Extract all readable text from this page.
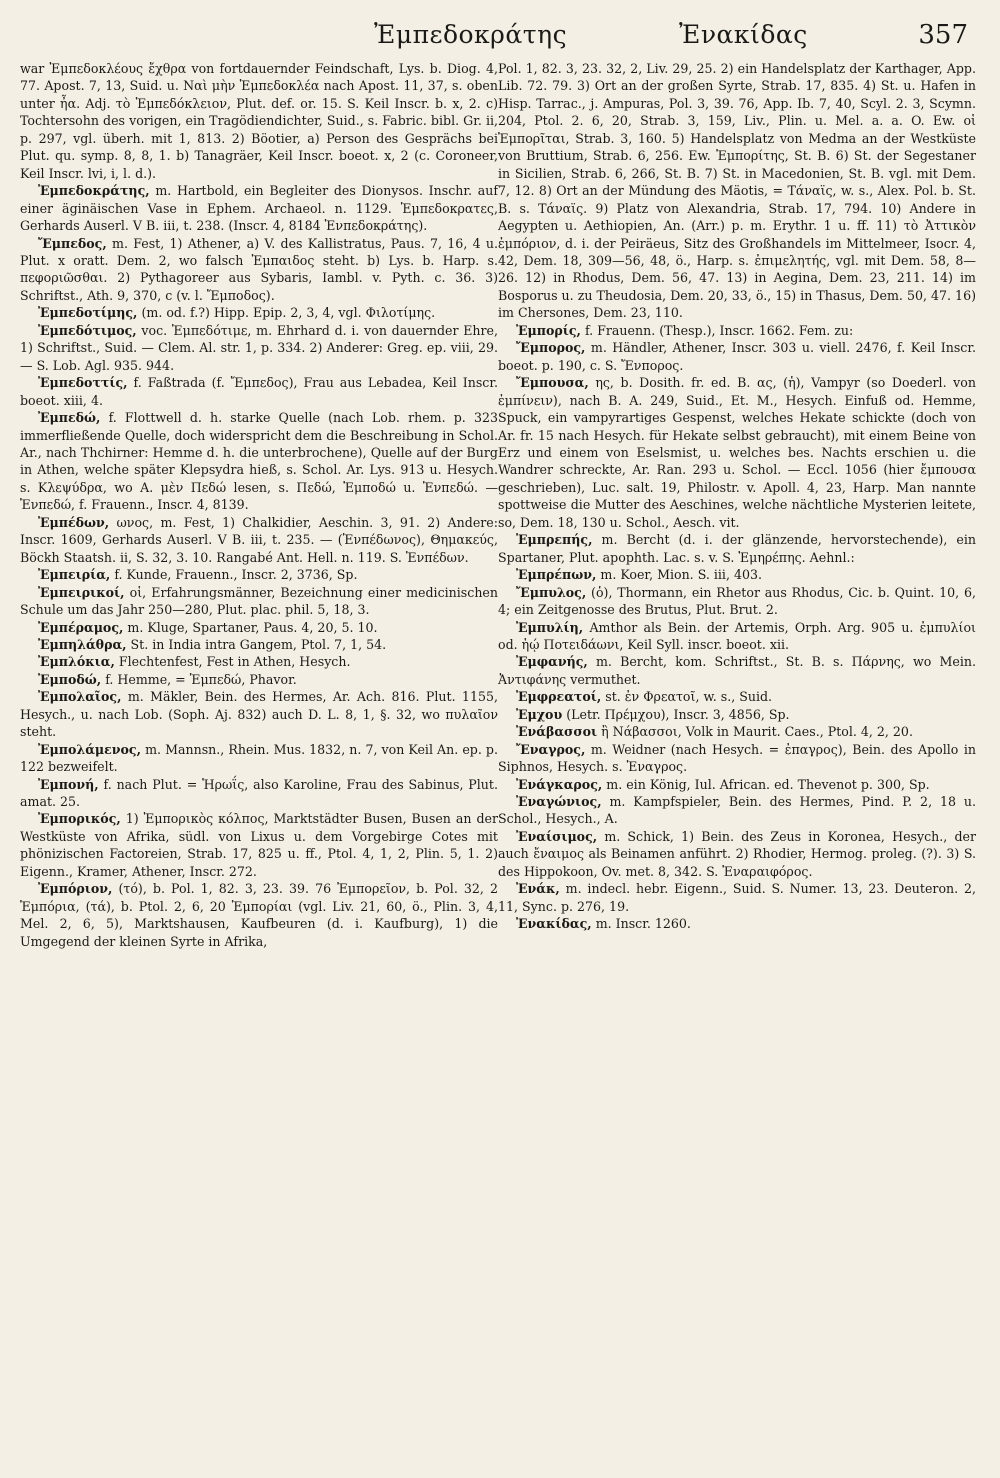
Ἐμπεδοκράτης	Ἐνακίδας	357

war Ἐμπεδοκλέους ἔχθρα von fortdauernder Feindschaft, Lys. b. Diog. 4, 77. Apost. 7, 13, Suid. u. Ναὶ μὴν Ἐμπεδοκλέα nach Apost. 11, 37, s. oben unter ἦα. Adj. τὸ Ἐμπεδόκλειον, Plut. def. or. 15. S. Keil Inscr. b. x, 2. c) Tochtersohn des vorigen, ein Tragödiendichter, Suid., s. Fabric. bibl. Gr. ii, p. 297, vgl. überh. mit 1, 813. 2) Böotier, a) Person des Gesprächs bei Plut. qu. symp. 8, 8, 1. b) Tanagräer, Keil Inscr. boeot. x, 2 (c. Coroneer, Keil Inscr. lvi, i, l. d.).

Ἐμπεδοκράτης, m. Hartbold, ein Begleiter des Dionysos. Inschr. auf einer äginäischen Vase in Ephem. Archaeol. n. 1129. Ἐμπεδοκρατες, Gerhards Auserl. V B. iii, t. 238. (Inscr. 4, 8184 Ἐνπεδοκράτης).

Ἔμπεδος, m. Fest, 1) Athener, a) V. des Kallistratus, Paus. 7, 16, 4 u. Plut. x oratt. Dem. 2, wo falsch Ἐμπαιδος steht. b) Lys. b. Harp. s. πεφοριῶσθαι. 2) Pythagoreer aus Sybaris, Iambl. v. Pyth. c. 36. 3) Schriftst., Ath. 9, 370, c (v. l. Ἔμποδος).

Ἐμπεδοτίμης, (m. od. f.?) Hipp. Epip. 2, 3, 4, vgl. Φιλοτίμης.

Ἐμπεδότιμος, voc. Ἐμπεδότιμε, m. Ehrhard d. i. von dauernder Ehre, 1) Schriftst., Suid. — Clem. Al. str. 1, p. 334. 2) Anderer: Greg. ep. viii, 29. — S. Lob. Agl. 935. 944.

Ἐμπεδοττίς, f. Faßtrada (f. Ἔμπεδος), Frau aus Lebadea, Keil Inscr. boeot. xiii, 4.

Ἐμπεδώ, f. Flottwell d. h. starke Quelle (nach Lob. rhem. p. 323 immerfließende Quelle, doch widerspricht dem die Beschreibung in Schol. Ar., nach Thchirner: Hemme d. h. die unterbrochene), Quelle auf der Burg in Athen, welche später Klepsydra hieß, s. Schol. Ar. Lys. 913 u. Hesych. s. Κλεψύδρα, wo A. μὲν Πεδώ lesen, s. Πεδώ, Ἐμποδώ u. Ἐνπεδώ. — Ἐνπεδώ, f. Frauenn., Inscr. 4, 8139.

Ἐμπέδων, ωνος, m. Fest, 1) Chalkidier, Aeschin. 3, 91. 2) Andere: Inscr. 1609, Gerhards Auserl. V B. iii, t. 235. — (Ἐνπέδωνος), Θημακεύς, Böckh Staatsh. ii, S. 32, 3. 10. Rangabé Ant. Hell. n. 119. S. Ἐνπέδων.

Ἐμπειρία, f. Kunde, Frauenn., Inscr. 2, 3736, Sp.

Ἐμπειρικοί, οἱ, Erfahrungsmänner, Bezeichnung einer medicinischen Schule um das Jahr 250—280, Plut. plac. phil. 5, 18, 3.

Ἐμπέραμος, m. Kluge, Spartaner, Paus. 4, 20, 5. 10.

Ἐμπηλάθρα, St. in India intra Gangem, Ptol. 7, 1, 54.

Ἐμπλόκια, Flechtenfest, Fest in Athen, Hesych.

Ἐμποδώ, f. Hemme, = Ἐμπεδώ, Phavor.

Ἐμπολαῖος, m. Mäkler, Bein. des Hermes, Ar. Ach. 816. Plut. 1155, Hesych., u. nach Lob. (Soph. Aj. 832) auch D. L. 8, 1, §. 32, wo πυλαῖον steht.

Ἐμπολάμενος, m. Mannsn., Rhein. Mus. 1832, n. 7, von Keil An. ep. p. 122 bezweifelt.

Ἐμπονή, f. nach Plut. = Ἡρωΐς, also Karoline, Frau des Sabinus, Plut. amat. 25.

Ἐμπορικός, 1) Ἐμπορικὸς κόλπος, Marktstädter Busen, Busen an der Westküste von Afrika, südl. von Lixus u. dem Vorgebirge Cotes mit phönizischen Factoreien, Strab. 17, 825 u. ff., Ptol. 4, 1, 2, Plin. 5, 1. 2) Eigenn., Kramer, Athener, Inscr. 272.

Ἐμπόριον, (τό), b. Pol. 1, 82. 3, 23. 39. 76 Ἐμπορεῖον, b. Pol. 32, 2 Ἐμπόρια, (τά), b. Ptol. 2, 6, 20 Ἐμπορίαι (vgl. Liv. 21, 60, ö., Plin. 3, 4, Mel. 2, 6, 5), Marktshausen, Kaufbeuren (d. i. Kaufburg), 1) die Umgegend der kleinen Syrte in Afrika,

Pol. 1, 82. 3, 23. 32, 2, Liv. 29, 25. 2) ein Handelsplatz der Karthager, App. Lib. 72. 79. 3) Ort an der großen Syrte, Strab. 17, 835. 4) St. u. Hafen in Hisp. Tarrac., j. Ampuras, Pol. 3, 39. 76, App. Ib. 7, 40, Scyl. 2. 3, Scymn. 204, Ptol. 2. 6, 20, Strab. 3, 159, Liv., Plin. u. Mel. a. a. O. Ew. οἱ Ἐμπορῖται, Strab. 3, 160. 5) Handelsplatz von Medma an der Westküste von Bruttium, Strab. 6, 256. Ew. Ἐμπορίτης, St. B. 6) St. der Segestaner in Sicilien, Strab. 6, 266, St. B. 7) St. in Macedonien, St. B. vgl. mit Dem. 7, 12. 8) Ort an der Mündung des Mäotis, = Τάναϊς, w. s., Alex. Pol. b. St. B. s. Τάναϊς. 9) Platz von Alexandria, Strab. 17, 794. 10) Andere in Aegypten u. Aethiopien, An. (Arr.) p. m. Erythr. 1 u. ff. 11) τὸ Ἀττικὸν ἐμπόριον, d. i. der Peiräeus, Sitz des Großhandels im Mittelmeer, Isocr. 4, 42, Dem. 18, 309—56, 48, ö., Harp. s. ἐπιμελητής, vgl. mit Dem. 58, 8—26. 12) in Rhodus, Dem. 56, 47. 13) in Aegina, Dem. 23, 211. 14) im Bosporus u. zu Theudosia, Dem. 20, 33, ö., 15) in Thasus, Dem. 50, 47. 16) im Chersones, Dem. 23, 110.

Ἐμπορίς, f. Frauenn. (Thesp.), Inscr. 1662. Fem. zu:

Ἔμπορος, m. Händler, Athener, Inscr. 303 u. viell. 2476, f. Keil Inscr. boeot. p. 190, c. S. Ἔνπορος.

Ἔμπουσα, ης, b. Dosith. fr. ed. B. ας, (ἡ), Vampyr (so Doederl. von ἐμπίνειν), nach B. A. 249, Suid., Et. M., Hesych. Einfuß od. Hemme, Spuck, ein vampyrartiges Gespenst, welches Hekate schickte (doch von Ar. fr. 15 nach Hesych. für Hekate selbst gebraucht), mit einem Beine von Erz und einem von Eselsmist, u. welches bes. Nachts erschien u. die Wandrer schreckte, Ar. Ran. 293 u. Schol. — Eccl. 1056 (hier ἔμπουσα geschrieben), Luc. salt. 19, Philostr. v. Apoll. 4, 23, Harp. Man nannte spottweise die Mutter des Aeschines, welche nächtliche Mysterien leitete, so, Dem. 18, 130 u. Schol., Aesch. vit.

Ἐμπρεπής, m. Bercht (d. i. der glänzende, hervorstechende), ein Spartaner, Plut. apophth. Lac. s. v. S. Ἐμηρέπης. Aehnl.:

Ἐμπρέπων, m. Koer, Mion. S. iii, 403.

Ἔμπυλος, (ὁ), Thormann, ein Rhetor aus Rhodus, Cic. b. Quint. 10, 6, 4; ein Zeitgenosse des Brutus, Plut. Brut. 2.

Ἐμπυλίη, Amthor als Bein. der Artemis, Orph. Arg. 905 u. ἐμπυλίοι od. ἡῴ Ποτειδάωνι, Keil Syll. inscr. boeot. xii.

Ἐμφανής, m. Bercht, kom. Schriftst., St. B. s. Πάρνης, wo Mein. Ἀντιφάνης vermuthet.

Ἐμφρεατοί, st. ἐν Φρεατοῖ, w. s., Suid.

Ἐμχου (Letr. Πρέμχου), Inscr. 3, 4856, Sp.

Ἐνάβασσοι ἢ Νάβασσοι, Volk in Maurit. Caes., Ptol. 4, 2, 20.

Ἔναγρος, m. Weidner (nach Hesych. = ἐπαγρος), Bein. des Apollo in Siphnos, Hesych. s. Ἐναγρος.

Ἐνάγκαρος, m. ein König, Iul. African. ed. Thevenot p. 300, Sp.

Ἐναγώνιος, m. Kampfspieler, Bein. des Hermes, Pind. P. 2, 18 u. Schol., Hesych., A.

Ἐναίσιμος, m. Schick, 1) Bein. des Zeus in Koronea, Hesych., der auch ἔναιμος als Beinamen anführt. 2) Rhodier, Hermog. proleg. (?). 3) S. des Hippokoon, Ov. met. 8, 342. S. Ἐναραιφόρος.

Ἐνάκ, m. indecl. hebr. Eigenn., Suid. S. Numer. 13, 23. Deuteron. 2, 11, Sync. p. 276, 19.

Ἐνακίδας, m. Inscr. 1260.
